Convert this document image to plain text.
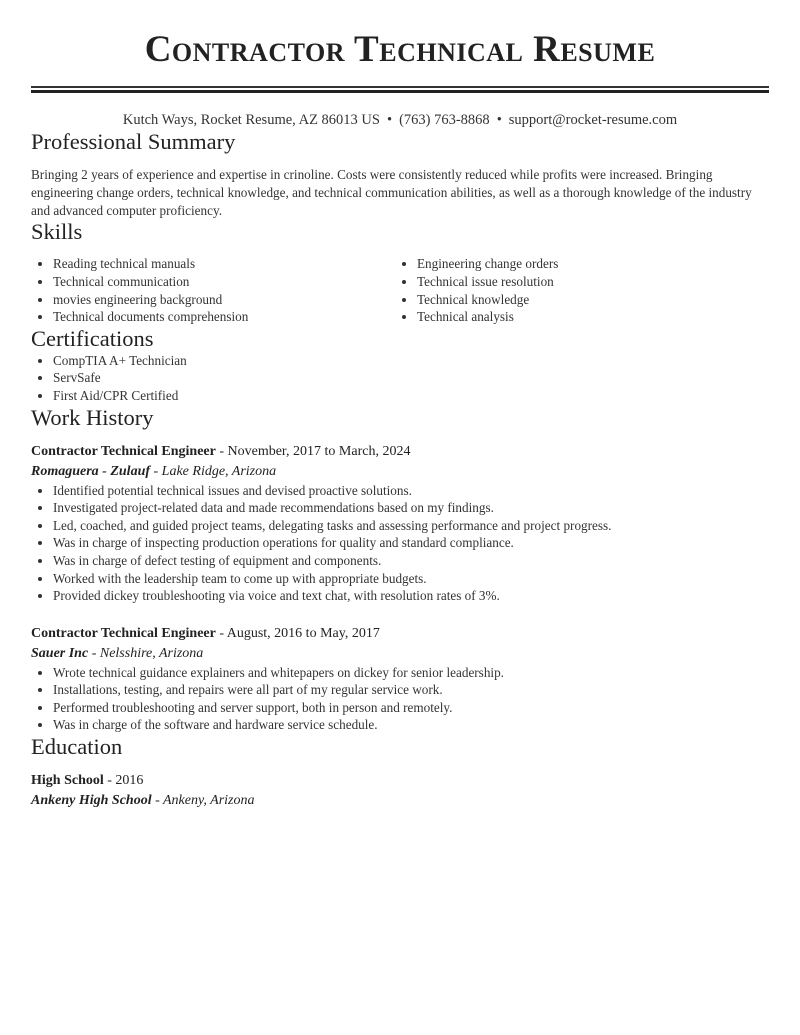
Contractor Technical Resume
Kutch Ways, Rocket Resume, AZ 86013 US • (763) 763-8868 • support@rocket-resume.com
Professional Summary
Bringing 2 years of experience and expertise in crinoline. Costs were consistently reduced while profits were increased. Bringing engineering change orders, technical knowledge, and technical communication abilities, as well as a thorough knowledge of the industry and advanced computer proficiency.
Skills
• Reading technical manuals
• Technical communication
• movies engineering background
• Technical documents comprehension
• Engineering change orders
• Technical issue resolution
• Technical knowledge
• Technical analysis
Certifications
• CompTIA A+ Technician
• ServSafe
• First Aid/CPR Certified
Work History
Contractor Technical Engineer - November, 2017 to March, 2024
Romaguera - Zulauf - Lake Ridge, Arizona
• Identified potential technical issues and devised proactive solutions.
• Investigated project-related data and made recommendations based on my findings.
• Led, coached, and guided project teams, delegating tasks and assessing performance and project progress.
• Was in charge of inspecting production operations for quality and standard compliance.
• Was in charge of defect testing of equipment and components.
• Worked with the leadership team to come up with appropriate budgets.
• Provided dickey troubleshooting via voice and text chat, with resolution rates of 3%.
Contractor Technical Engineer - August, 2016 to May, 2017
Sauer Inc - Nelsshire, Arizona
• Wrote technical guidance explainers and whitepapers on dickey for senior leadership.
• Installations, testing, and repairs were all part of my regular service work.
• Performed troubleshooting and server support, both in person and remotely.
• Was in charge of the software and hardware service schedule.
Education
High School - 2016
Ankeny High School - Ankeny, Arizona
